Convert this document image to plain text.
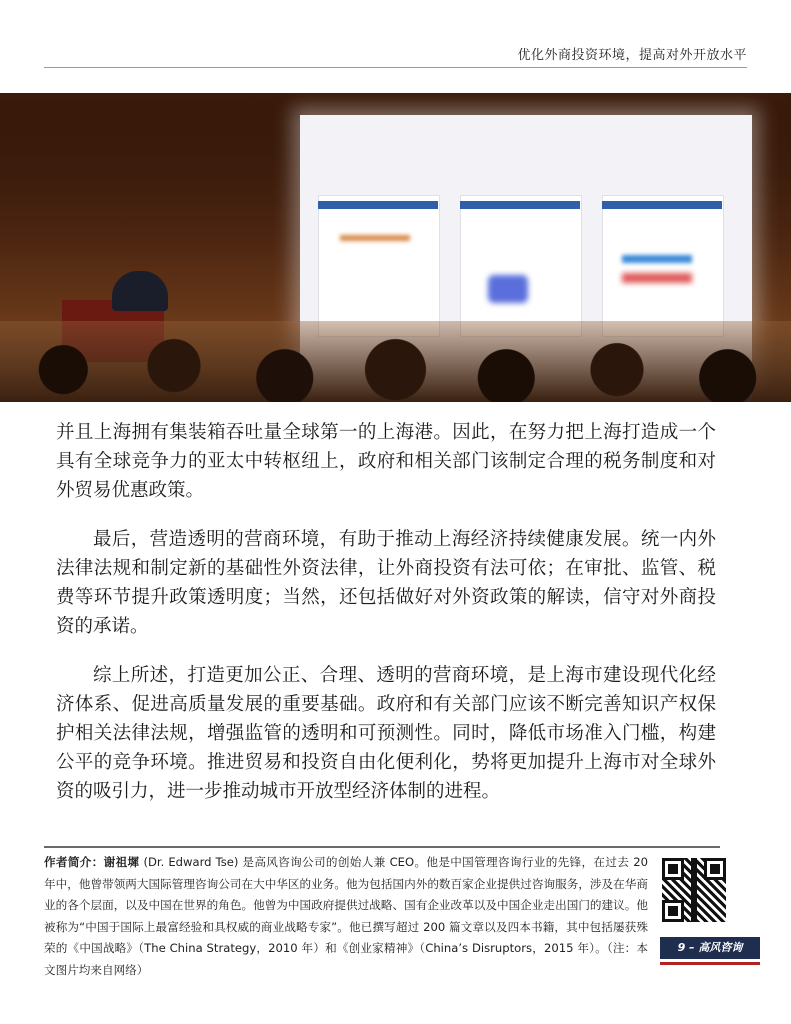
优化外商投资环境，提高对外开放水平

并且上海拥有集装箱吞吐量全球第一的上海港。因此，在努力把上海打造成一个具有全球竞争力的亚太中转枢纽上，政府和相关部门该制定合理的税务制度和对外贸易优惠政策。

最后，营造透明的营商环境，有助于推动上海经济持续健康发展。统一内外法律法规和制定新的基础性外资法律，让外商投资有法可依；在审批、监管、税费等环节提升政策透明度；当然，还包括做好对外资政策的解读，信守对外商投资的承诺。

综上所述，打造更加公正、合理、透明的营商环境，是上海市建设现代化经济体系、促进高质量发展的重要基础。政府和有关部门应该不断完善知识产权保护相关法律法规，增强监管的透明和可预测性。同时，降低市场准入门槛，构建公平的竞争环境。推进贸易和投资自由化便利化，势将更加提升上海市对全球外资的吸引力，进一步推动城市开放型经济体制的进程。

作者简介：谢祖墀 (Dr. Edward Tse) 是高风咨询公司的创始人兼 CEO。他是中国管理咨询行业的先锋，在过去 20 年中，他曾带领两大国际管理咨询公司在大中华区的业务。他为包括国内外的数百家企业提供过咨询服务，涉及在华商业的各个层面，以及中国在世界的角色。他曾为中国政府提供过战略、国有企业改革以及中国企业走出国门的建议。他被称为“中国于国际上最富经验和具权威的商业战略专家”。他已撰写超过 200 篇文章以及四本书籍，其中包括屡获殊荣的《中国战略》（The China Strategy，2010 年）和《创业家精神》（China’s Disruptors，2015 年）。（注：本文图片均来自网络）
9 – 高风咨询
